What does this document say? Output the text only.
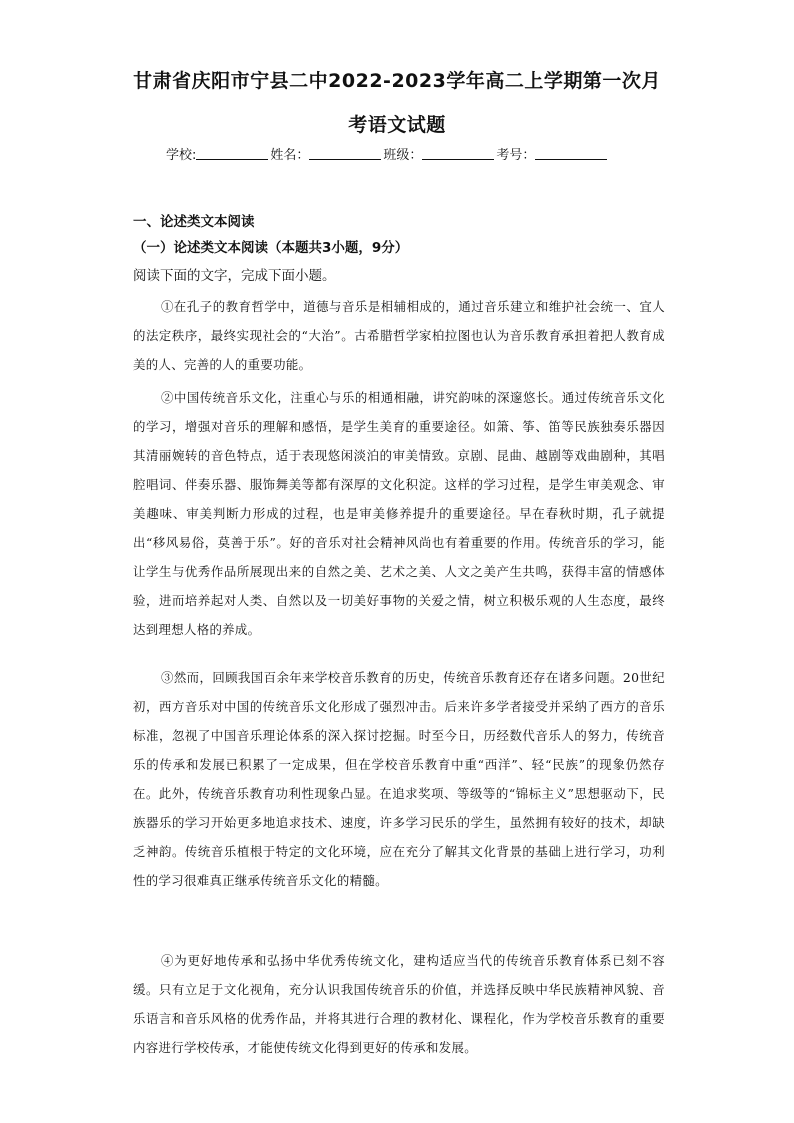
甘肃省庆阳市宁县二中2022-2023学年高二上学期第一次月
考语文试题
学校:	姓名：	班级：	考号：
一、论述类文本阅读
（一）论述类文本阅读（本题共3小题，9分）
阅读下面的文字，完成下面小题。
①在孔子的教育哲学中，道德与音乐是相辅相成的，通过音乐建立和维护社会统一、宜人的法定秩序，最终实现社会的“大治”。古希腊哲学家柏拉图也认为音乐教育承担着把人教育成美的人、完善的人的重要功能。
②中国传统音乐文化，注重心与乐的相通相融，讲究韵味的深邃悠长。通过传统音乐文化的学习，增强对音乐的理解和感悟，是学生美育的重要途径。如箫、筝、笛等民族独奏乐器因其清丽婉转的音色特点，适于表现悠闲淡泊的审美情致。京剧、昆曲、越剧等戏曲剧种，其唱腔唱词、伴奏乐器、服饰舞美等都有深厚的文化积淀。这样的学习过程，是学生审美观念、审美趣味、审美判断力形成的过程，也是审美修养提升的重要途径。早在春秋时期，孔子就提出“移风易俗，莫善于乐”。好的音乐对社会精神风尚也有着重要的作用。传统音乐的学习，能让学生与优秀作品所展现出来的自然之美、艺术之美、人文之美产生共鸣，获得丰富的情感体验，进而培养起对人类、自然以及一切美好事物的关爱之情，树立积极乐观的人生态度，最终达到理想人格的养成。
③然而，回顾我国百余年来学校音乐教育的历史，传统音乐教育还存在诸多问题。20世纪初，西方音乐对中国的传统音乐文化形成了强烈冲击。后来许多学者接受并采纳了西方的音乐标准，忽视了中国音乐理论体系的深入探讨挖掘。时至今日，历经数代音乐人的努力，传统音乐的传承和发展已积累了一定成果，但在学校音乐教育中重“西洋”、轻“民族”的现象仍然存在。此外，传统音乐教育功利性现象凸显。在追求奖项、等级等的“锦标主义”思想驱动下，民族器乐的学习开始更多地追求技术、速度，许多学习民乐的学生，虽然拥有较好的技术，却缺乏神韵。传统音乐植根于特定的文化环境，应在充分了解其文化背景的基础上进行学习，功利性的学习很难真正继承传统音乐文化的精髓。
④为更好地传承和弘扬中华优秀传统文化，建构适应当代的传统音乐教育体系已刻不容缓。只有立足于文化视角，充分认识我国传统音乐的价值，并选择反映中华民族精神风貌、音乐语言和音乐风格的优秀作品，并将其进行合理的教材化、课程化，作为学校音乐教育的重要内容进行学校传承，才能使传统文化得到更好的传承和发展。
